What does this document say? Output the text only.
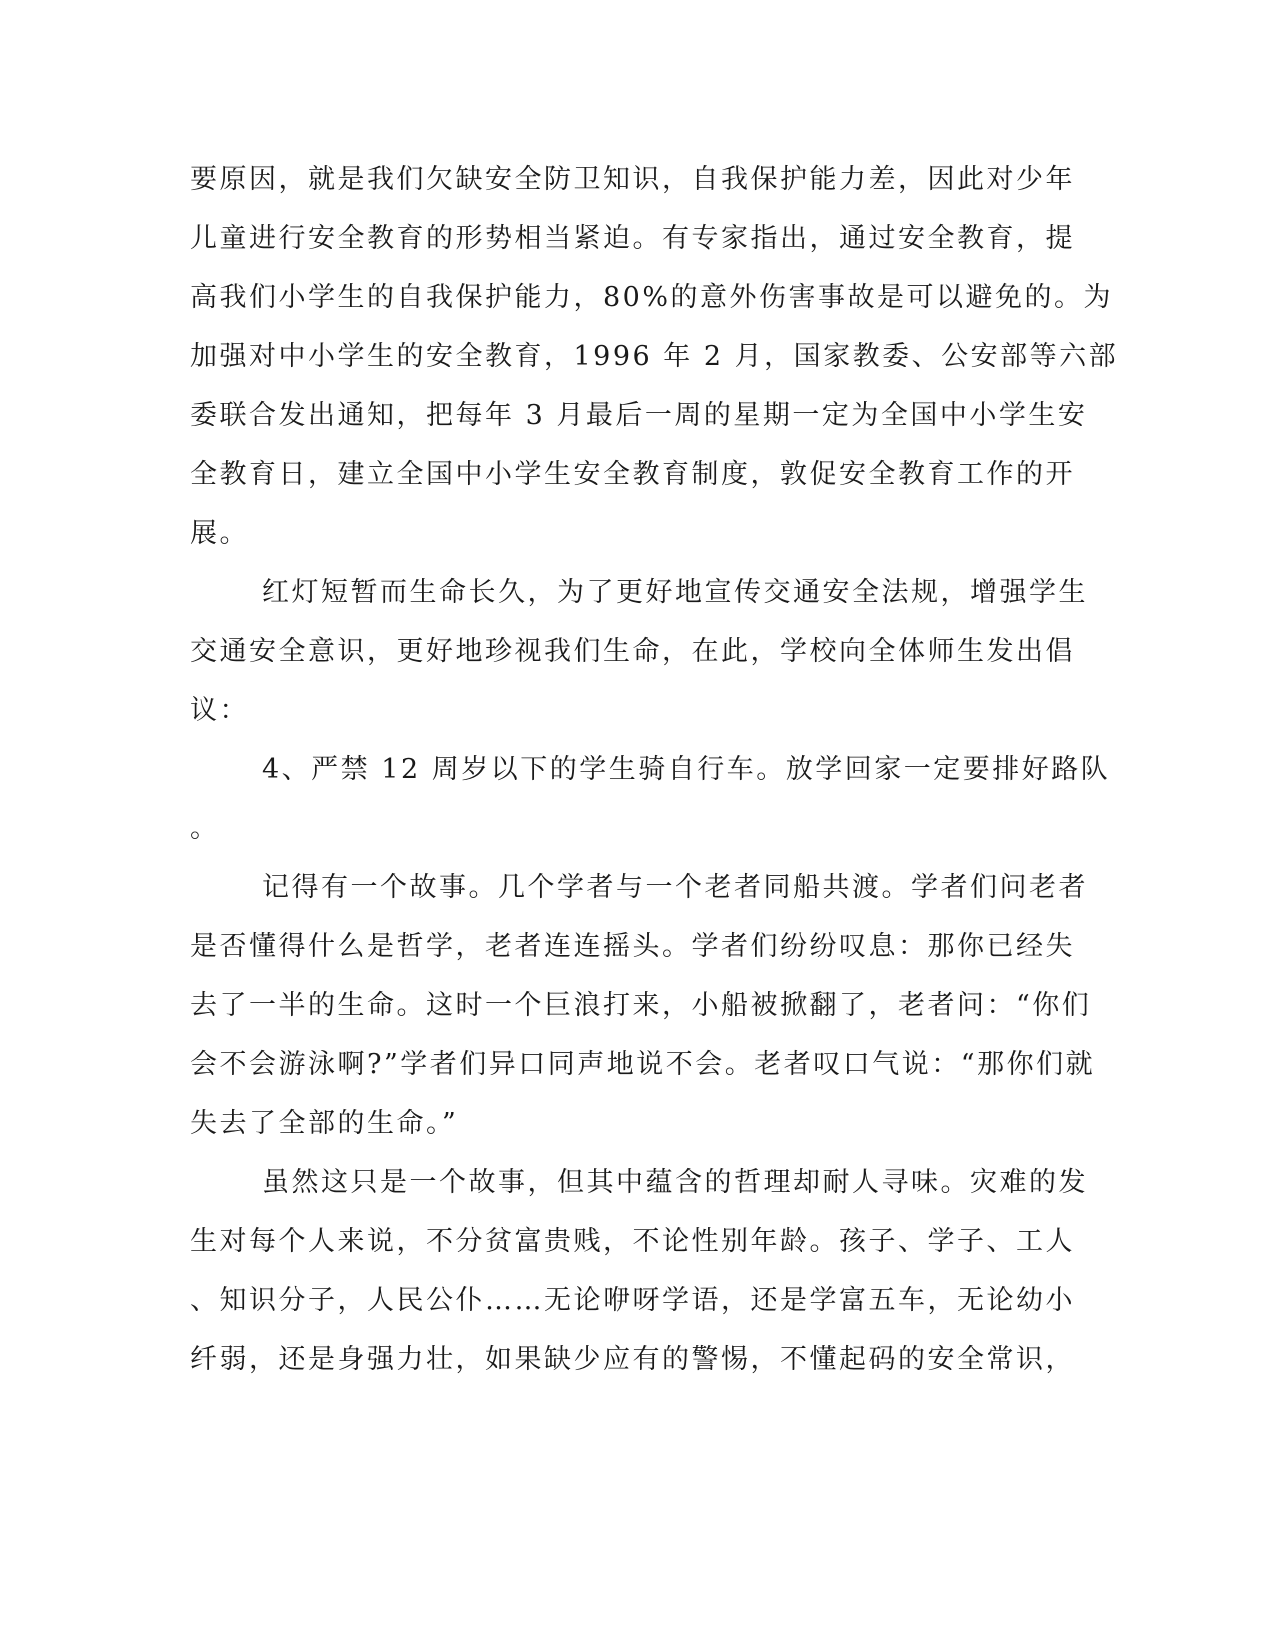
要原因，就是我们欠缺安全防卫知识，自我保护能力差，因此对少年
儿童进行安全教育的形势相当紧迫。有专家指出，通过安全教育，提
高我们小学生的自我保护能力，80%的意外伤害事故是可以避免的。为
加强对中小学生的安全教育，1996 年 2 月，国家教委、公安部等六部
委联合发出通知，把每年 3 月最后一周的星期一定为全国中小学生安
全教育日，建立全国中小学生安全教育制度，敦促安全教育工作的开
展。
红灯短暂而生命长久，为了更好地宣传交通安全法规，增强学生
交通安全意识，更好地珍视我们生命，在此，学校向全体师生发出倡
议：
4、严禁 12 周岁以下的学生骑自行车。放学回家一定要排好路队
。
记得有一个故事。几个学者与一个老者同船共渡。学者们问老者
是否懂得什么是哲学，老者连连摇头。学者们纷纷叹息：那你已经失
去了一半的生命。这时一个巨浪打来，小船被掀翻了，老者问：“你们
会不会游泳啊?”学者们异口同声地说不会。老者叹口气说：“那你们就
失去了全部的生命。”
虽然这只是一个故事，但其中蕴含的哲理却耐人寻味。灾难的发
生对每个人来说，不分贫富贵贱，不论性别年龄。孩子、学子、工人
、知识分子，人民公仆……无论咿呀学语，还是学富五车，无论幼小
纤弱，还是身强力壮，如果缺少应有的警惕，不懂起码的安全常识，
